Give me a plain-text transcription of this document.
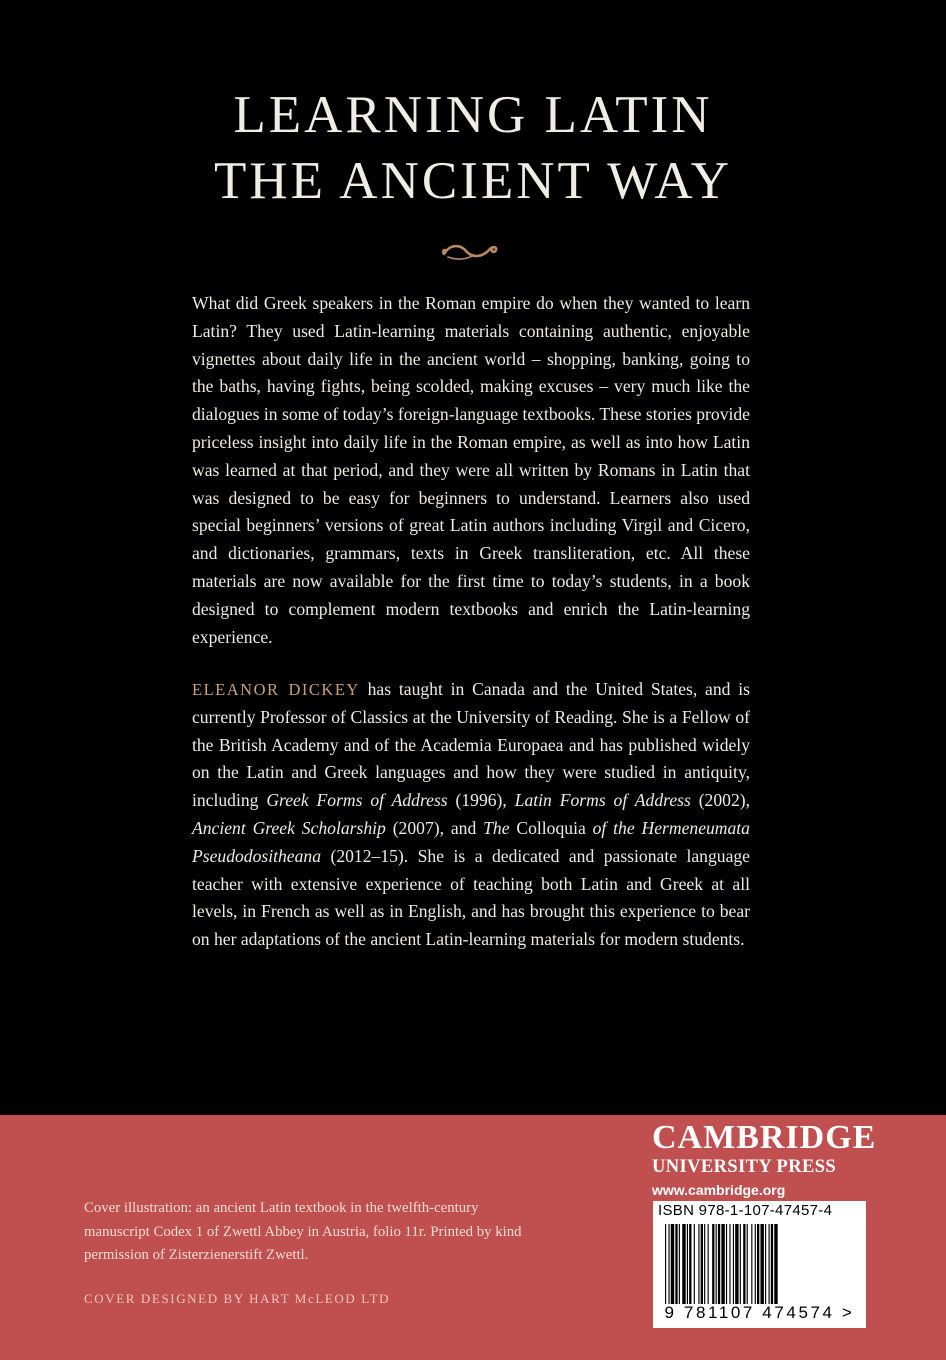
LEARNING LATIN
THE ANCIENT WAY

What did Greek speakers in the Roman empire do when they wanted to learn Latin? They used Latin-learning materials containing authentic, enjoyable vignettes about daily life in the ancient world – shopping, banking, going to the baths, having fights, being scolded, making excuses – very much like the dialogues in some of today’s foreign-language textbooks. These stories provide priceless insight into daily life in the Roman empire, as well as into how Latin was learned at that period, and they were all written by Romans in Latin that was designed to be easy for beginners to understand. Learners also used special beginners’ versions of great Latin authors including Virgil and Cicero, and dictionaries, grammars, texts in Greek transliteration, etc. All these materials are now available for the first time to today’s students, in a book designed to complement modern textbooks and enrich the Latin-learning experience.

ELEANOR DICKEY has taught in Canada and the United States, and is currently Professor of Classics at the University of Reading. She is a Fellow of the British Academy and of the Academia Europaea and has published widely on the Latin and Greek languages and how they were studied in antiquity, including Greek Forms of Address (1996), Latin Forms of Address (2002), Ancient Greek Scholarship (2007), and The Colloquia of the Hermeneumata Pseudodositheana (2012–15). She is a dedicated and passionate language teacher with extensive experience of teaching both Latin and Greek at all levels, in French as well as in English, and has brought this experience to bear on her adaptations of the ancient Latin-learning materials for modern students.

Cover illustration: an ancient Latin textbook in the twelfth-century manuscript Codex 1 of Zwettl Abbey in Austria, folio 11r. Printed by kind permission of Zisterzienerstift Zwettl.
COVER DESIGNED BY HART McLEOD LTD
CAMBRIDGE
UNIVERSITY PRESS
www.cambridge.org
ISBN 978-1-107-47457-4
9 781107 474574 >
